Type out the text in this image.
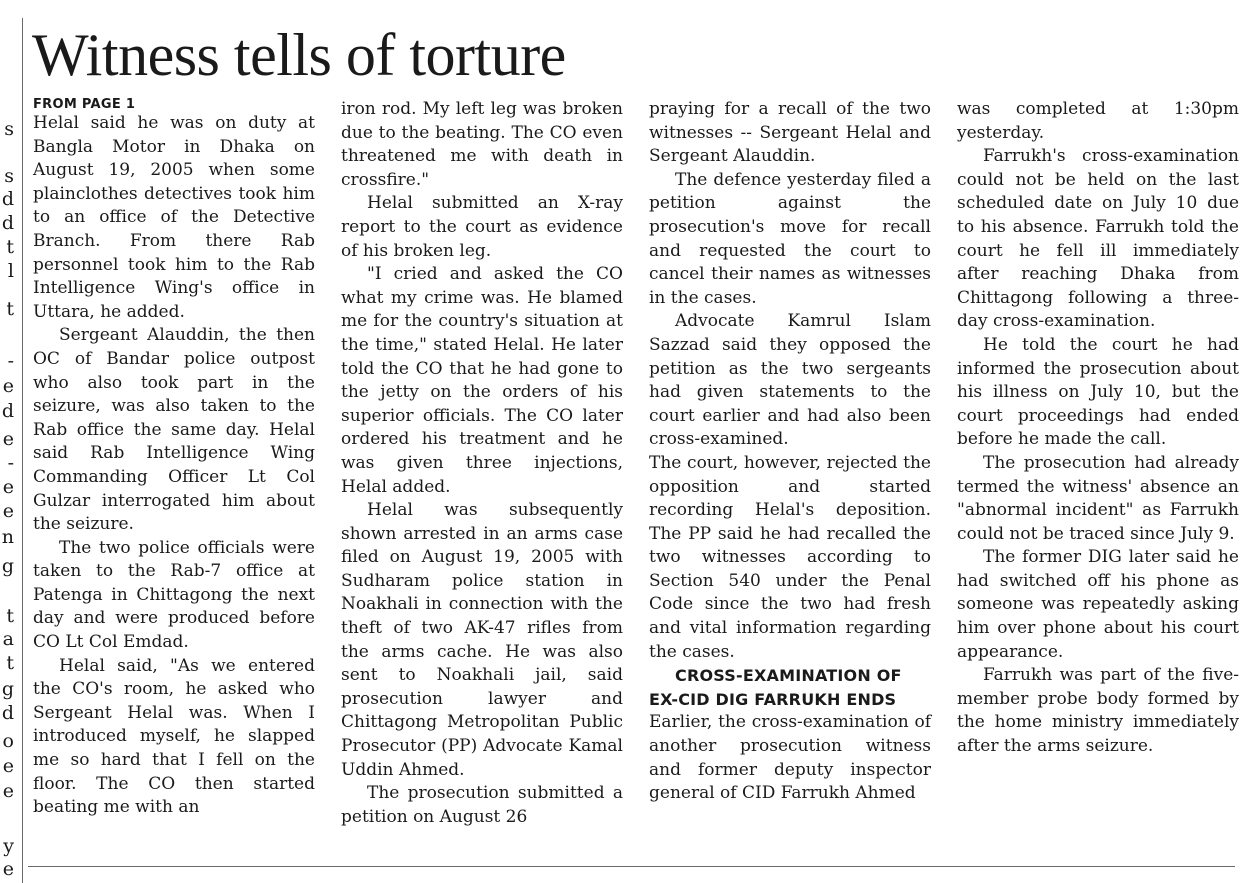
s
s
d
d
t
l
t
-
e
d
e
-
e
e
n
g
t
a
t
g
d
o
e
e
y
e
Witness tells of torture
FROM PAGE 1

Helal said he was on duty at Bangla Motor in Dhaka on August 19, 2005 when some plainclothes detectives took him to an office of the Detective Branch. From there Rab personnel took him to the Rab Intelligence Wing's office in Uttara, he added.

Sergeant Alauddin, the then OC of Bandar police outpost who also took part in the seizure, was also taken to the Rab office the same day. Helal said Rab Intelligence Wing Commanding Officer Lt Col Gulzar interrogated him about the seizure.

The two police officials were taken to the Rab-7 office at Patenga in Chittagong the next day and were produced before CO Lt Col Emdad.

Helal said, "As we entered the CO's room, he asked who Sergeant Helal was. When I introduced myself, he slapped me so hard that I fell on the floor. The CO then started beating me with an

iron rod. My left leg was broken due to the beating. The CO even threatened me with death in crossfire."

Helal submitted an X-ray report to the court as evidence of his broken leg.

"I cried and asked the CO what my crime was. He blamed me for the country's situation at the time," stated Helal. He later told the CO that he had gone to the jetty on the orders of his superior officials. The CO later ordered his treatment and he was given three injections, Helal added.

Helal was subsequently shown arrested in an arms case filed on August 19, 2005 with Sudharam police station in Noakhali in connection with the theft of two AK-47 rifles from the arms cache. He was also sent to Noakhali jail, said prosecution lawyer and Chittagong Metropolitan Public Prosecutor (PP) Advocate Kamal Uddin Ahmed.

The prosecution submitted a petition on August 26

praying for a recall of the two witnesses -- Sergeant Helal and Sergeant Alauddin.

The defence yesterday filed a petition against the prosecution's move for recall and requested the court to cancel their names as witnesses in the cases.

Advocate Kamrul Islam Sazzad said they opposed the petition as the two sergeants had given statements to the court earlier and had also been cross-examined.

The court, however, rejected the opposition and started recording Helal's deposition. The PP said he had recalled the two witnesses according to Section 540 under the Penal Code since the two had fresh and vital information regarding the cases.

CROSS-EXAMINATION OF EX-CID DIG FARRUKH ENDS

Earlier, the cross-examination of another prosecution witness and former deputy inspector general of CID Farrukh Ahmed

was completed at 1:30pm yesterday.

Farrukh's cross-examination could not be held on the last scheduled date on July 10 due to his absence. Farrukh told the court he fell ill immediately after reaching Dhaka from Chittagong following a three-day cross-examination.

He told the court he had informed the prosecution about his illness on July 10, but the court proceedings had ended before he made the call.

The prosecution had already termed the witness' absence an "abnormal incident" as Farrukh could not be traced since July 9.

The former DIG later said he had switched off his phone as someone was repeatedly asking him over phone about his court appearance.

Farrukh was part of the five-member probe body formed by the home ministry immediately after the arms seizure.
